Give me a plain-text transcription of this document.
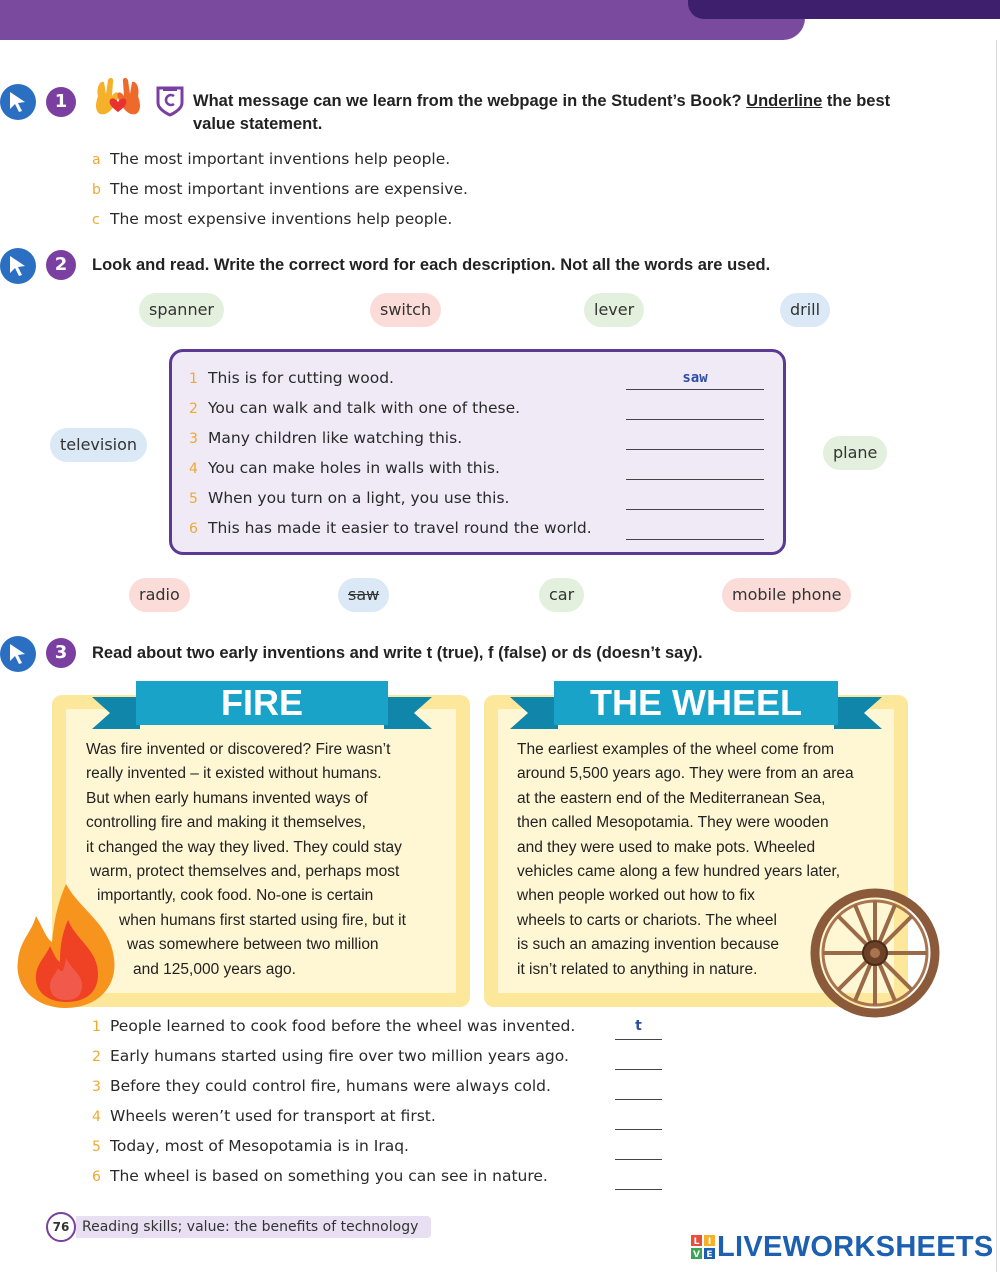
1	What message can we learn from the webpage in the Student’s Book? Underline the best value statement.
a The most important inventions help people.
b The most important inventions are expensive.
c The most expensive inventions help people.
2	Look and read. Write the correct word for each description. Not all the words are used.
spanner	switch	lever	drill
television	plane
radio	saw	car	mobile phone
1 This is for cutting wood.	saw
2 You can walk and talk with one of these.
3 Many children like watching this.
4 You can make holes in walls with this.
5 When you turn on a light, you use this.
6 This has made it easier to travel round the world.
3	Read about two early inventions and write t (true), f (false) or ds (doesn’t say).
FIRE
Was fire invented or discovered? Fire wasn’t
really invented – it existed without humans.
But when early humans invented ways of
controlling fire and making it themselves,
it changed the way they lived. They could stay
warm, protect themselves and, perhaps most
importantly, cook food. No-one is certain
when humans first started using fire, but it
was somewhere between two million
and 125,000 years ago.
THE WHEEL
The earliest examples of the wheel come from
around 5,500 years ago. They were from an area
at the eastern end of the Mediterranean Sea,
then called Mesopotamia. They were wooden
and they were used to make pots. Wheeled
vehicles came along a few hundred years later,
when people worked out how to fix
wheels to carts or chariots. The wheel
is such an amazing invention because
it isn’t related to anything in nature.
1 People learned to cook food before the wheel was invented.	t
2 Early humans started using fire over two million years ago.
3 Before they could control fire, humans were always cold.
4 Wheels weren’t used for transport at first.
5 Today, most of Mesopotamia is in Iraq.
6 The wheel is based on something you can see in nature.
Reading skills; value: the benefits of technology
76
L I
V E LIVEWORKSHEETS
